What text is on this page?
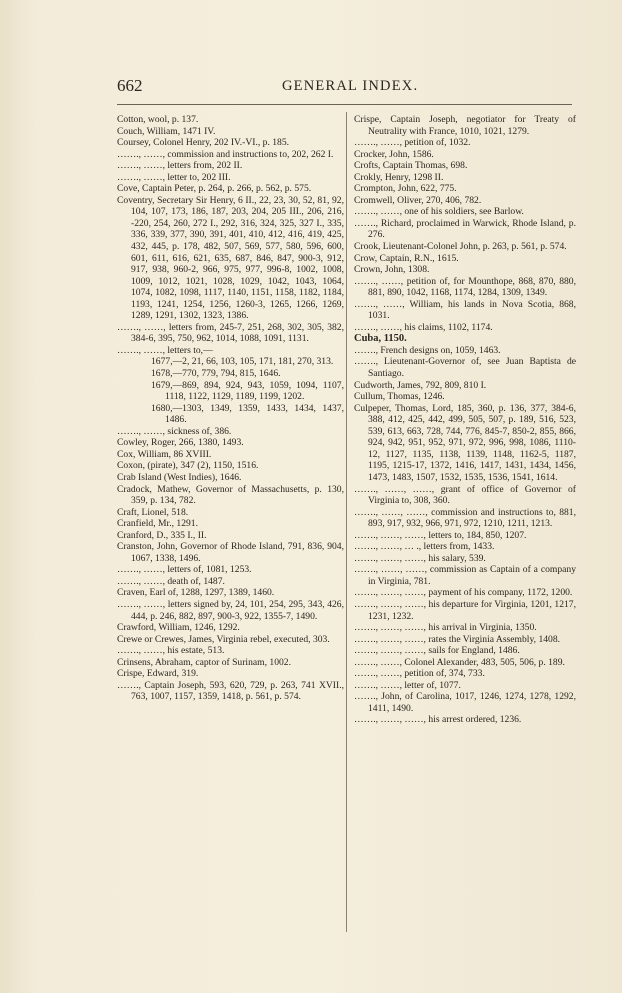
662	GENERAL INDEX.

Cotton, wool, p. 137.

Couch, William, 1471 IV.

Coursey, Colonel Henry, 202 IV.-VI., p. 185.

……., ……, commission and instructions to, 202, 262 I.

……., ……, letters from, 202 II.

……., ……, letter to, 202 III.

Cove, Captain Peter, p. 264, p. 266, p. 562, p. 575.

Coventry, Secretary Sir Henry, 6 II., 22, 23, 30, 52, 81, 92, 104, 107, 173, 186, 187, 203, 204, 205 III., 206, 216, -220, 254, 260, 272 I., 292, 316, 324, 325, 327 I., 335, 336, 339, 377, 390, 391, 401, 410, 412, 416, 419, 425, 432, 445, p. 178, 482, 507, 569, 577, 580, 596, 600, 601, 611, 616, 621, 635, 687, 846, 847, 900-3, 912, 917, 938, 960-2, 966, 975, 977, 996-8, 1002, 1008, 1009, 1012, 1021, 1028, 1029, 1042, 1043, 1064, 1074, 1082, 1098, 1117, 1140, 1151, 1158, 1182, 1184, 1193, 1241, 1254, 1256, 1260-3, 1265, 1266, 1269, 1289, 1291, 1302, 1323, 1386.

……., ……, letters from, 245-7, 251, 268, 302, 305, 382, 384-6, 395, 750, 962, 1014, 1088, 1091, 1131.

……., ……, letters to,—

1677,—2, 21, 66, 103, 105, 171, 181, 270, 313.

1678,—770, 779, 794, 815, 1646.

1679,—869, 894, 924, 943, 1059, 1094, 1107, 1118, 1122, 1129, 1189, 1199, 1202.

1680,—1303, 1349, 1359, 1433, 1434, 1437, 1486.

……., ……, sickness of, 386.

Cowley, Roger, 266, 1380, 1493.

Cox, William, 86 XVIII.

Coxon, (pirate), 347 (2), 1150, 1516.

Crab Island (West Indies), 1646.

Cradock, Mathew, Governor of Massachusetts, p. 130, 359, p. 134, 782.

Craft, Lionel, 518.

Cranfield, Mr., 1291.

Cranford, D., 335 I., II.

Cranston, John, Governor of Rhode Island, 791, 836, 904, 1067, 1338, 1496.

……., ……, letters of, 1081, 1253.

……., ……, death of, 1487.

Craven, Earl of, 1288, 1297, 1389, 1460.

……., ……, letters signed by, 24, 101, 254, 295, 343, 426, 444, p. 246, 882, 897, 900-3, 922, 1355-7, 1490.

Crawford, William, 1246, 1292.

Crewe or Crewes, James, Virginia rebel, executed, 303.

……., ……, his estate, 513.

Crinsens, Abraham, captor of Surinam, 1002.

Crispe, Edward, 319.

……., Captain Joseph, 593, 620, 729, p. 263, 741 XVII., 763, 1007, 1157, 1359, 1418, p. 561, p. 574.

Crispe, Captain Joseph, negotiator for Treaty of Neutrality with France, 1010, 1021, 1279.

……., ……, petition of, 1032.

Crocker, John, 1586.

Crofts, Captain Thomas, 698.

Crokly, Henry, 1298 II.

Crompton, John, 622, 775.

Cromwell, Oliver, 270, 406, 782.

……., ……, one of his soldiers, see Barlow.

……., Richard, proclaimed in Warwick, Rhode Island, p. 276.

Crook, Lieutenant-Colonel John, p. 263, p. 561, p. 574.

Crow, Captain, R.N., 1615.

Crown, John, 1308.

……., ……, petition of, for Mounthope, 868, 870, 880, 881, 890, 1042, 1168, 1174, 1284, 1309, 1349.

……., ……, William, his lands in Nova Scotia, 868, 1031.

……., ……, his claims, 1102, 1174.

Cuba, 1150.

……., French designs on, 1059, 1463.

……., Lieutenant-Governor of, see Juan Baptista de Santiago.

Cudworth, James, 792, 809, 810 I.

Cullum, Thomas, 1246.

Culpeper, Thomas, Lord, 185, 360, p. 136, 377, 384-6, 388, 412, 425, 442, 499, 505, 507, p. 189, 516, 523, 539, 613, 663, 728, 744, 776, 845-7, 850-2, 855, 866, 924, 942, 951, 952, 971, 972, 996, 998, 1086, 1110-12, 1127, 1135, 1138, 1139, 1148, 1162-5, 1187, 1195, 1215-17, 1372, 1416, 1417, 1431, 1434, 1456, 1473, 1483, 1507, 1532, 1535, 1536, 1541, 1614.

……., ……, ……, grant of office of Governor of Virginia to, 308, 360.

……., ……, ……, commission and instructions to, 881, 893, 917, 932, 966, 971, 972, 1210, 1211, 1213.

……., ……, ……, letters to, 184, 850, 1207.

……., ……, … ., letters from, 1433.

……., ……, ……, his salary, 539.

……., ……, ……, commission as Captain of a company in Virginia, 781.

……., ……, ……, payment of his company, 1172, 1200.

……., ……, ……, his departure for Virginia, 1201, 1217, 1231, 1232.

……., ……, ……, his arrival in Virginia, 1350.

……., ……, ……, rates the Virginia Assembly, 1408.

……., ……, ……, sails for England, 1486.

……., ……, Colonel Alexander, 483, 505, 506, p. 189.

……., ……, petition of, 374, 733.

……., ……, letter of, 1077.

……., John, of Carolina, 1017, 1246, 1274, 1278, 1292, 1411, 1490.

……., ……, ……, his arrest ordered, 1236.
